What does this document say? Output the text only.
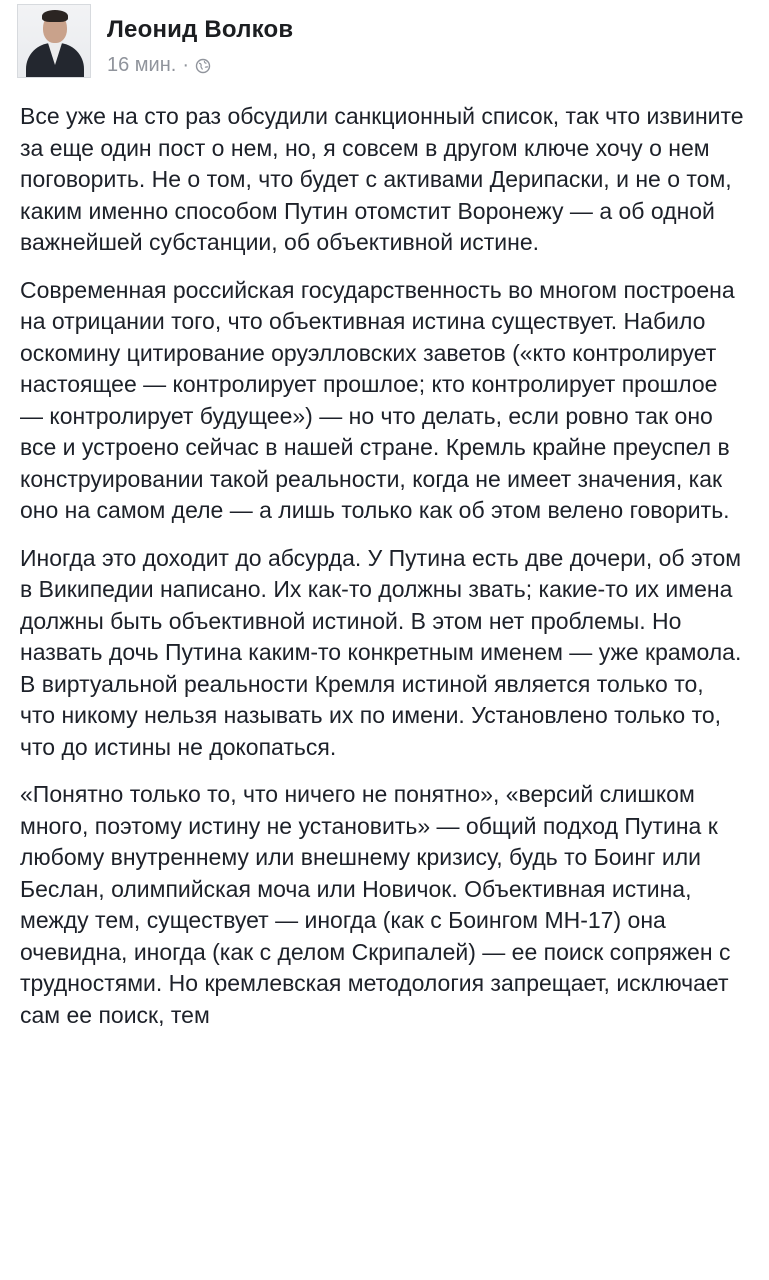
Леонид Волков
16 мин. ·

Все уже на сто раз обсудили санкционный список, так что извините за еще один пост о нем, но, я совсем в другом ключе хочу о нем поговорить. Не о том, что будет с активами Дерипаски, и не о том, каким именно способом Путин отомстит Воронежу — а об одной важнейшей субстанции, об объективной истине.

Современная российская государственность во многом построена на отрицании того, что объективная истина существует. Набило оскомину цитирование оруэлловских заветов («кто контролирует настоящее — контролирует прошлое; кто контролирует прошлое — контролирует будущее») — но что делать, если ровно так оно все и устроено сейчас в нашей стране. Кремль крайне преуспел в конструировании такой реальности, когда не имеет значения, как оно на самом деле — а лишь только как об этом велено говорить.

Иногда это доходит до абсурда. У Путина есть две дочери, об этом в Википедии написано. Их как-то должны звать; какие-то их имена должны быть объективной истиной. В этом нет проблемы. Но назвать дочь Путина каким-то конкретным именем — уже крамола. В виртуальной реальности Кремля истиной является только то, что никому нельзя называть их по имени. Установлено только то, что до истины не докопаться.

«Понятно только то, что ничего не понятно», «версий слишком много, поэтому истину не установить» — общий подход Путина к любому внутреннему или внешнему кризису, будь то Боинг или Беслан, олимпийская моча или Новичок. Объективная истина, между тем, существует — иногда (как с Боингом МН-17) она очевидна, иногда (как с делом Скрипалей) — ее поиск сопряжен с трудностями. Но кремлевская методология запрещает, исключает сам ее поиск, тем
